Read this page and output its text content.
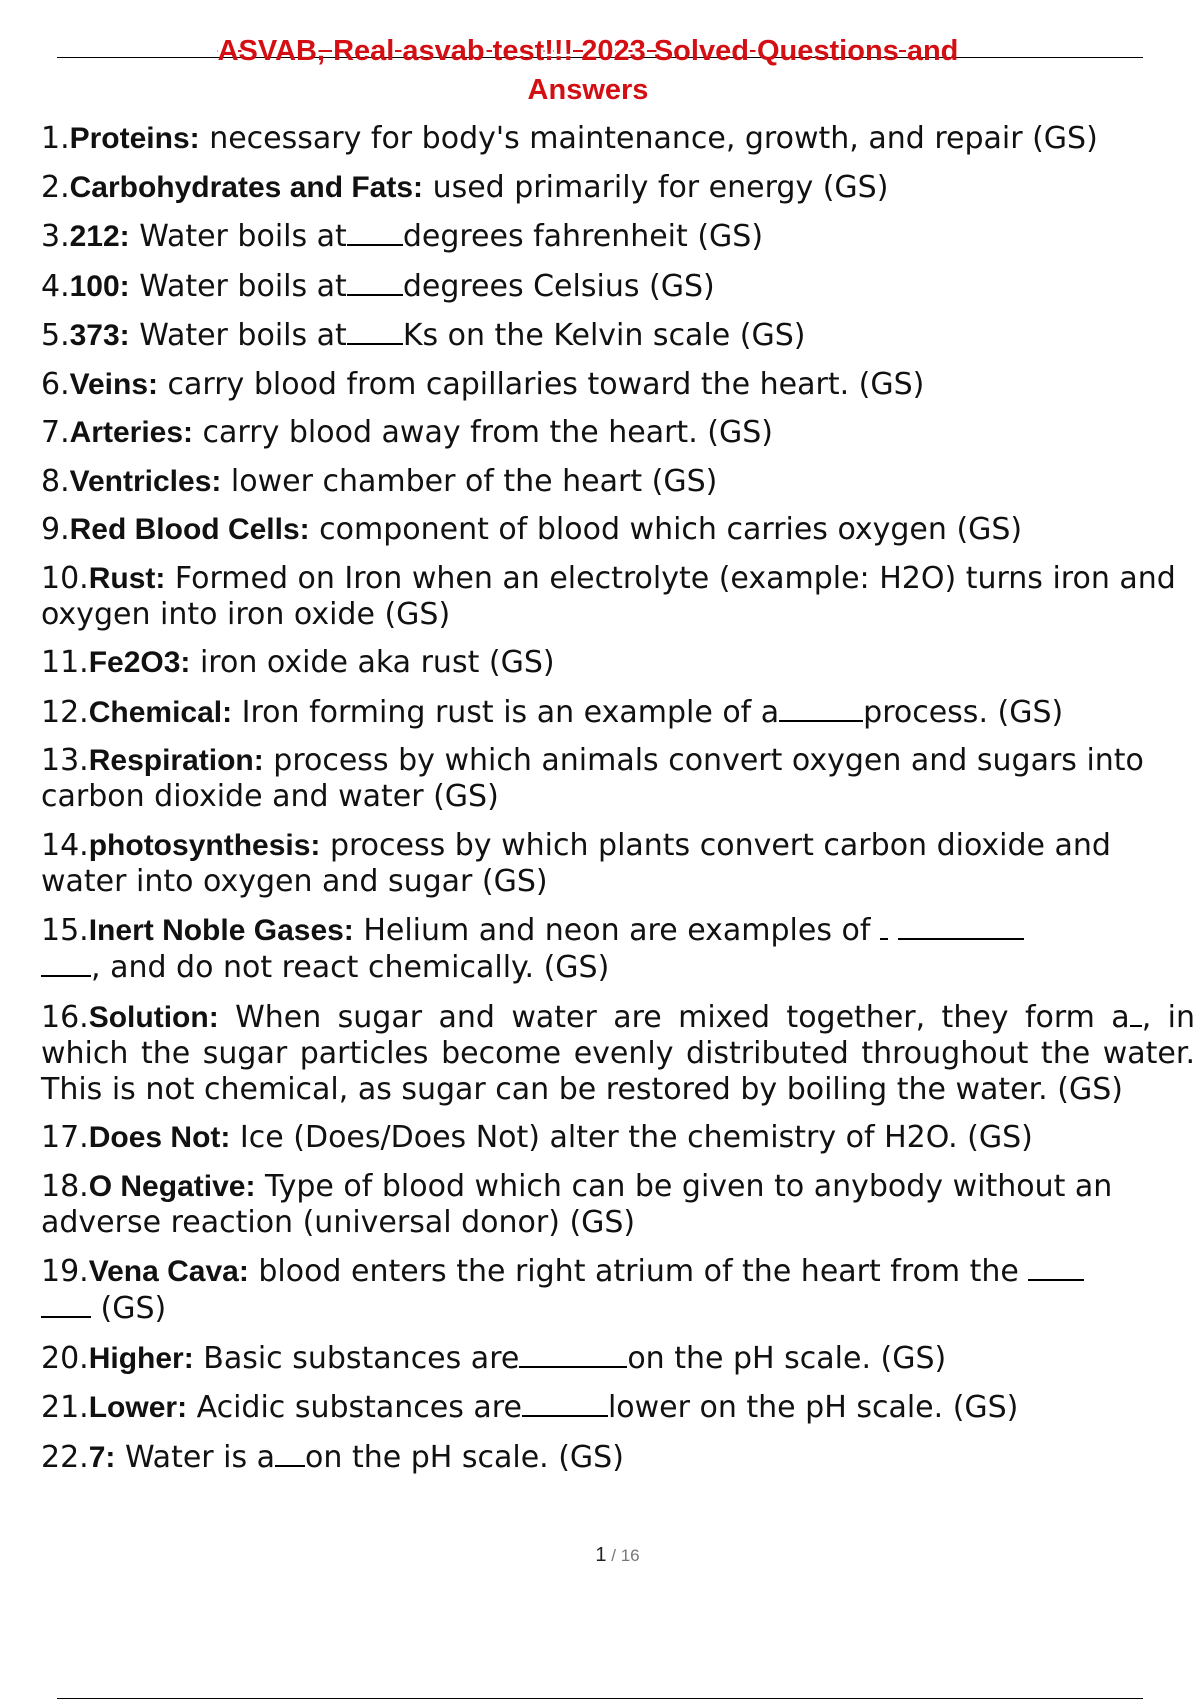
ASVAB, Real asvab test!!! 2023 Solved Questions and
Answers
1.Proteins: necessary for body's maintenance, growth, and repair (GS)
2.Carbohydrates and Fats: used primarily for energy (GS)
3.212: Water boils at degrees fahrenheit (GS)
4.100: Water boils at degrees Celsius (GS)
5.373: Water boils at Ks on the Kelvin scale (GS)
6.Veins: carry blood from capillaries toward the heart. (GS)
7.Arteries: carry blood away from the heart. (GS)
8.Ventricles: lower chamber of the heart (GS)
9.Red Blood Cells: component of blood which carries oxygen (GS)
10.Rust: Formed on Iron when an electrolyte (example: H2O) turns iron and oxygen into iron oxide (GS)
11.Fe2O3: iron oxide aka rust (GS)
12.Chemical: Iron forming rust is an example of a	process. (GS)
13.Respiration: process by which animals convert oxygen and sugars into carbon dioxide and water (GS)
14.photosynthesis: process by which plants convert carbon dioxide and water into oxygen and sugar (GS)
15.Inert Noble Gases: Helium and neon are examples of
, and do not react chemically. (GS)
16.Solution: When sugar and water are mixed together, they form a , in which the sugar particles become evenly distributed throughout the water. This is not chemical, as sugar can be restored by boiling the water. (GS)
17.Does Not: Ice (Does/Does Not) alter the chemistry of H2O. (GS)
18.O Negative: Type of blood which can be given to anybody without an adverse reaction (universal donor) (GS)
19.Vena Cava: blood enters the right atrium of the heart from the
(GS)
20.Higher: Basic substances are	on the pH scale. (GS)
21.Lower: Acidic substances are	lower on the pH scale. (GS)
22.7: Water is a on the pH scale. (GS)
1 / 16
